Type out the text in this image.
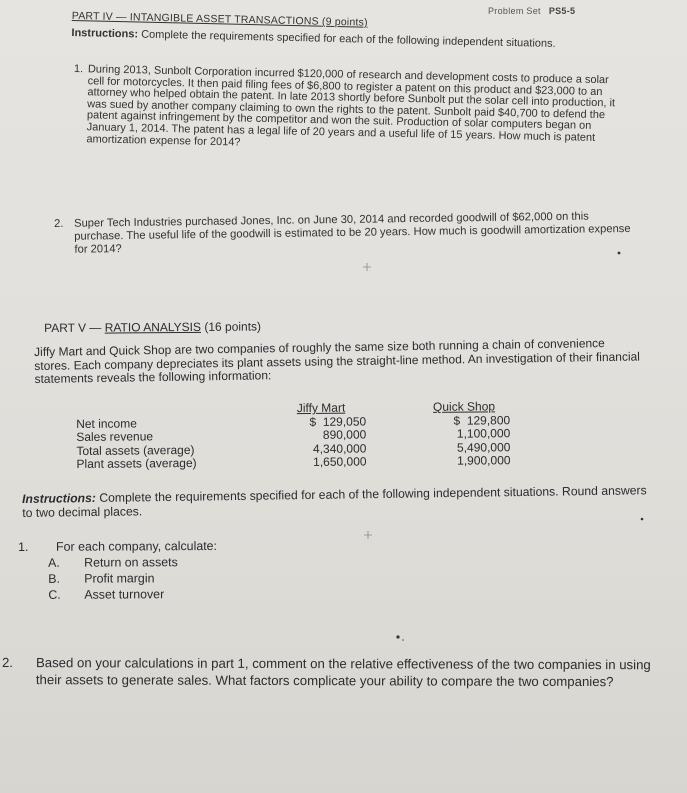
Problem Set PS5-5
PART IV — INTANGIBLE ASSET TRANSACTIONS (9 points)
Instructions: Complete the requirements specified for each of the following independent situations.
1. During 2013, Sunbolt Corporation incurred $120,000 of research and development costs to produce a solar cell for motorcycles. It then paid filing fees of $6,800 to register a patent on this product and $23,000 to an attorney who helped obtain the patent. In late 2013 shortly before Sunbolt put the solar cell into production, it was sued by another company claiming to own the rights to the patent. Sunbolt paid $40,700 to defend the patent against infringement by the competitor and won the suit. Production of solar computers began on January 1, 2014. The patent has a legal life of 20 years and a useful life of 15 years. How much is patent amortization expense for 2014?
2. Super Tech Industries purchased Jones, Inc. on June 30, 2014 and recorded goodwill of $62,000 on this purchase. The useful life of the goodwill is estimated to be 20 years. How much is goodwill amortization expense for 2014?
PART V — RATIO ANALYSIS (16 points)
Jiffy Mart and Quick Shop are two companies of roughly the same size both running a chain of convenience stores. Each company depreciates its plant assets using the straight-line method. An investigation of their financial statements reveals the following information:

Net income
Sales revenue
Total assets (average)
Plant assets (average)
Jiffy Mart
$  129,050
890,000
4,340,000
1,650,000
Quick Shop
$  129,800
1,100,000
5,490,000
1,900,000
Instructions: Complete the requirements specified for each of the following independent situations. Round answers to two decimal places.
1. For each company, calculate:
A. Return on assets
B. Profit margin
C. Asset turnover
2. Based on your calculations in part 1, comment on the relative effectiveness of the two companies in using their assets to generate sales. What factors complicate your ability to compare the two companies?
